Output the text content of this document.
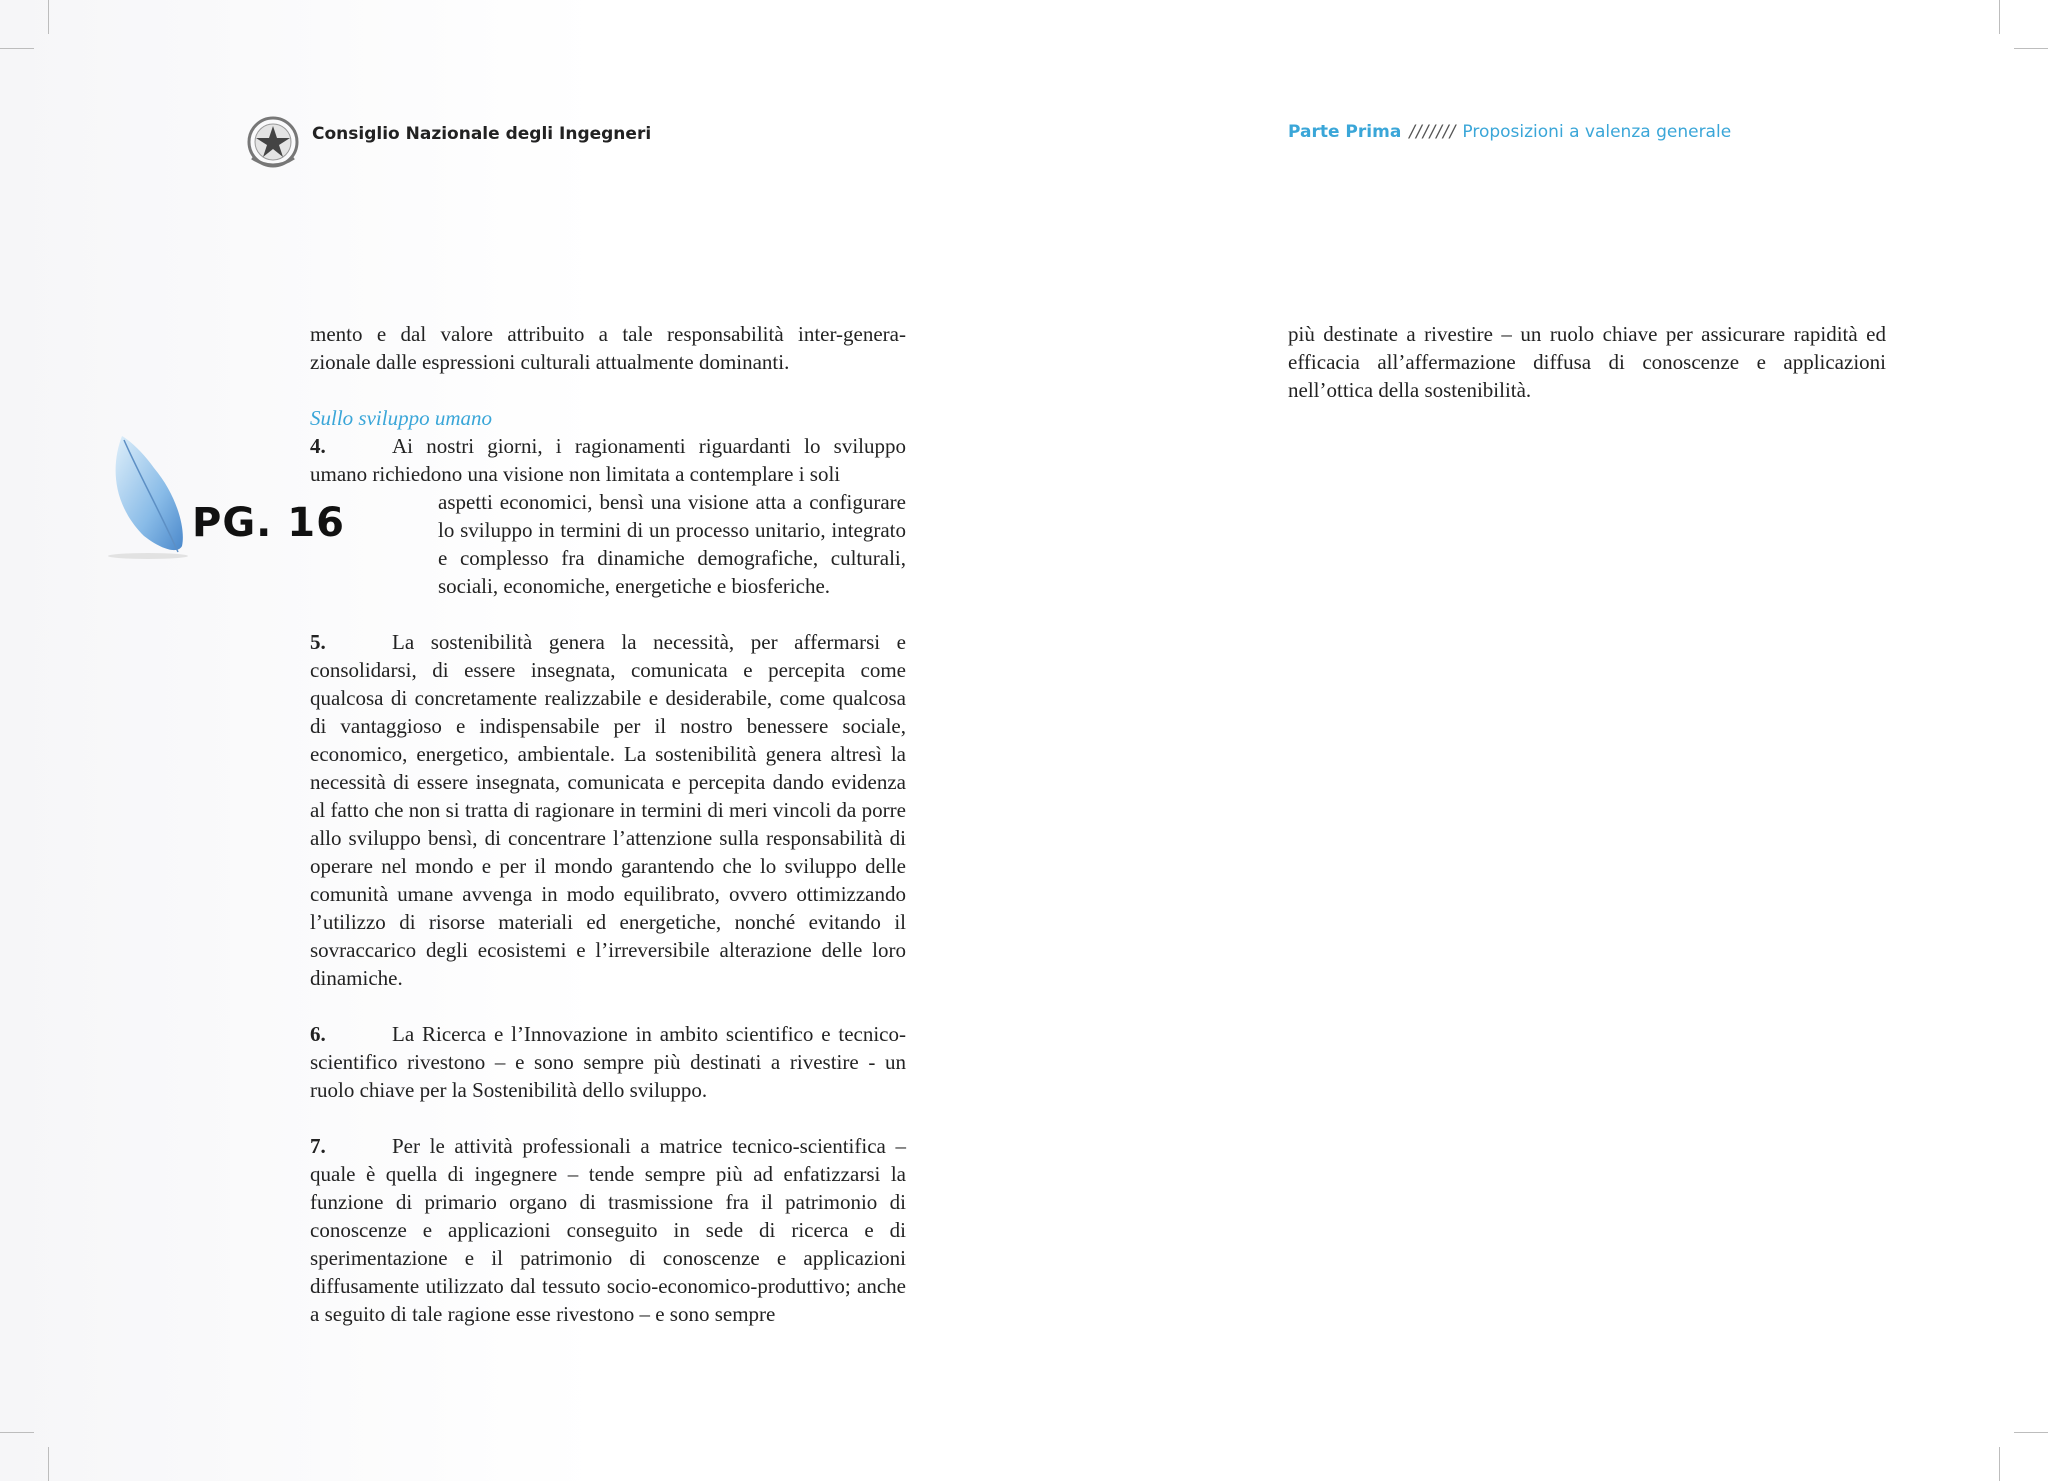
Consiglio Nazionale degli Ingegneri	Parte Prima /////// Proposizioni a valenza generale
PG. 16

mento e dal valore attribuito a tale responsabilità inter-genera-

zionale dalle espressioni culturali attualmente dominanti.

Sullo sviluppo umano

4.	Ai nostri giorni, i ragionamenti riguardanti lo sviluppo umano richiedono una visione non limitata a contemplare i soli

aspetti economici, bensì una visione atta a configurare lo sviluppo in termini di un processo unitario, integrato e complesso fra dinamiche demografiche, culturali, sociali, economiche, energetiche e biosferiche.

5.	La sostenibilità genera la necessità, per affermarsi e consolidarsi, di essere insegnata, comunicata e percepita come qualcosa di concretamente realizzabile e desiderabile, come qualcosa di vantaggioso e indispensabile per il nostro benessere sociale, economico, energetico, ambientale. La sostenibilità genera altresì la necessità di essere insegnata, comunicata e percepita dando evidenza al fatto che non si tratta di ragionare in termini di meri vincoli da porre allo sviluppo bensì, di concentrare l’attenzione sulla responsabilità di operare nel mondo e per il mondo garantendo che lo sviluppo delle comunità umane avvenga in modo equilibrato, ovvero ottimizzando l’utilizzo di risorse materiali ed energetiche, nonché evitando il sovraccarico degli ecosistemi e l’irreversibile alterazione delle loro dinamiche.

6.	La Ricerca e l’Innovazione in ambito scientifico e tecnico-scientifico rivestono – e sono sempre più destinati a rivestire - un ruolo chiave per la Sostenibilità dello sviluppo.

7.	Per le attività professionali a matrice tecnico-scientifica – quale è quella di ingegnere – tende sempre più ad enfatizzarsi la funzione di primario organo di trasmissione fra il patrimonio di conoscenze e applicazioni conseguito in sede di ricerca e di sperimentazione e il patrimonio di conoscenze e applicazioni diffusamente utilizzato dal tessuto socio-economico-produttivo; anche a seguito di tale ragione esse rivestono – e sono sempre

più destinate a rivestire – un ruolo chiave per assicurare rapidità ed efficacia all’affermazione diffusa di conoscenze e applicazioni nell’ottica della sostenibilità.
